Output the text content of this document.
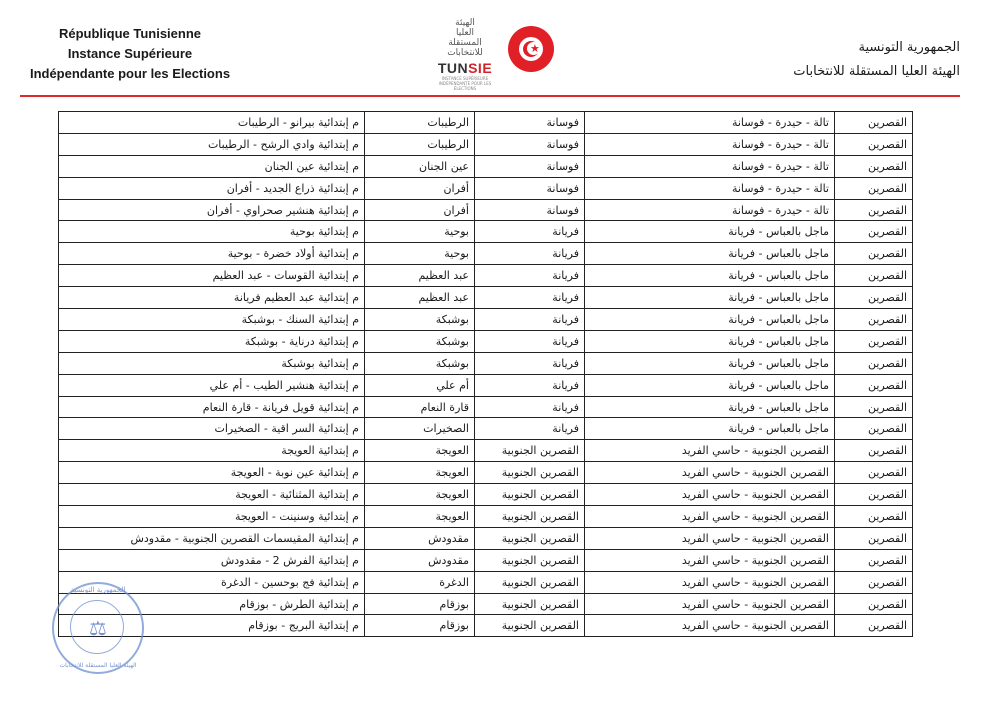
République Tunisienne
Instance Supérieure
Indépendante pour les Elections
الهيئة
العليا
المستقلة
للانتخابات
TUNSIE
INSTANCE SUPÉRIEURE INDÉPENDANTE POUR LES ÉLECTIONS
★	الجمهورية التونسية
الهيئة العليا المستقلة للانتخابات
القصرين	تالة - حيدرة - فوسانة	فوسانة	الرطيبات	م إبتدائية بيرانو - الرطيبات
القصرين	تالة - حيدرة - فوسانة	فوسانة	الرطيبات	م إبتدائية وادي الرشح - الرطيبات
القصرين	تالة - حيدرة - فوسانة	فوسانة	عين الجنان	م إبتدائية عين الجنان
القصرين	تالة - حيدرة - فوسانة	فوسانة	أفران	م إبتدائية ذراع الجديد - أفران
القصرين	تالة - حيدرة - فوسانة	فوسانة	أفران	م إبتدائية هنشير صحراوي - أفران
القصرين	ماجل بالعباس - فريانة	فريانة	بوحية	م إبتدائية بوحية
القصرين	ماجل بالعباس - فريانة	فريانة	بوحية	م إبتدائية أولاد خضرة - بوحية
القصرين	ماجل بالعباس - فريانة	فريانة	عبد العظيم	م إبتدائية القوسات - عبد العظيم
القصرين	ماجل بالعباس - فريانة	فريانة	عبد العظيم	م إبتدائية عبد العظيم فريانة
القصرين	ماجل بالعباس - فريانة	فريانة	بوشبكة	م إبتدائية السنك - بوشبكة
القصرين	ماجل بالعباس - فريانة	فريانة	بوشبكة	م إبتدائية درناية - بوشبكة
القصرين	ماجل بالعباس - فريانة	فريانة	بوشبكة	م إبتدائية بوشبكة
القصرين	ماجل بالعباس - فريانة	فريانة	أم علي	م إبتدائية هنشير الطيب - أم علي
القصرين	ماجل بالعباس - فريانة	فريانة	قارة النعام	م إبتدائية قويل فريانة - قارة النعام
القصرين	ماجل بالعباس - فريانة	فريانة	الصخيرات	م إبتدائية السر اقية - الصخيرات
القصرين	القصرين الجنوبية - حاسي الفريد	القصرين الجنوبية	العويجة	م إبتدائية العويجة
القصرين	القصرين الجنوبية - حاسي الفريد	القصرين الجنوبية	العويجة	م إبتدائية عين نوبة - العويجة
القصرين	القصرين الجنوبية - حاسي الفريد	القصرين الجنوبية	العويجة	م إبتدائية المثنائية - العويجة
القصرين	القصرين الجنوبية - حاسي الفريد	القصرين الجنوبية	العويجة	م إبتدائية وسنينت - العويجة
القصرين	القصرين الجنوبية - حاسي الفريد	القصرين الجنوبية	مقدودش	م إبتدائية المقيسمات القصرين الجنوبية - مقدودش
القصرين	القصرين الجنوبية - حاسي الفريد	القصرين الجنوبية	مقدودش	م إبتدائية الفرش 2 - مقدودش
القصرين	القصرين الجنوبية - حاسي الفريد	القصرين الجنوبية	الدغرة	م إبتدائية فج بوحسين - الدغرة
القصرين	القصرين الجنوبية - حاسي الفريد	القصرين الجنوبية	بوزقام	م إبتدائية الطرش - بوزقام
القصرين	القصرين الجنوبية - حاسي الفريد	القصرين الجنوبية	بوزقام	م إبتدائية البريج - بوزقام
الجمهورية التونسية
⚖
الهيئة العليا المستقلة للانتخابات
